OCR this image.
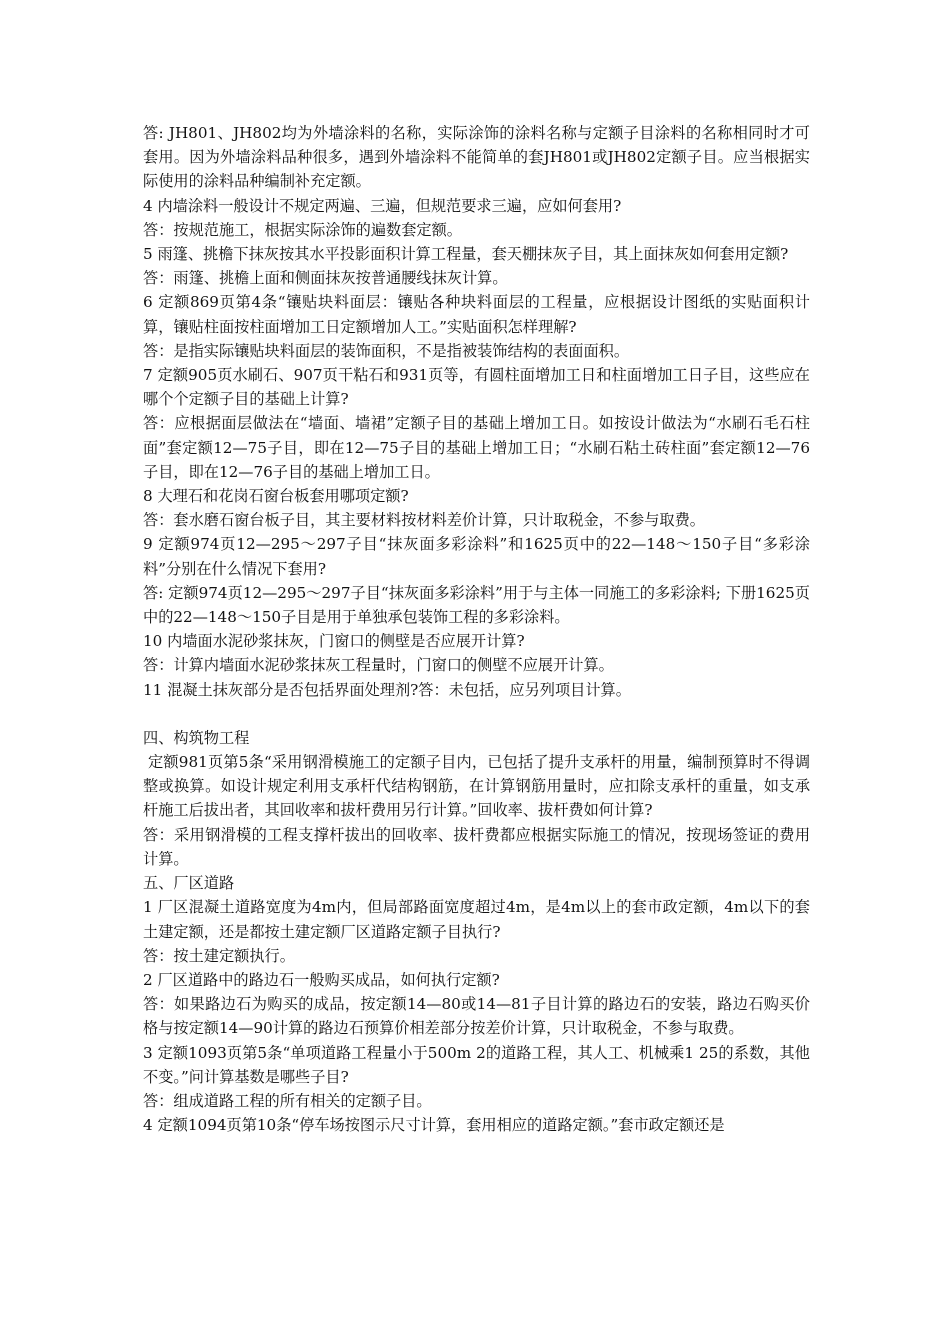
答: JH801、JH802均为外墙涂料的名称，实际涂饰的涂料名称与定额子目涂料的名称相同时才可套用。因为外墙涂料品种很多，遇到外墙涂料不能简单的套JH801或JH802定额子目。应当根据实际使用的涂料品种编制补充定额。

4 内墙涂料一般设计不规定两遍、三遍，但规范要求三遍，应如何套用?

答：按规范施工，根据实际涂饰的遍数套定额。

5 雨篷、挑檐下抹灰按其水平投影面积计算工程量，套天棚抹灰子目，其上面抹灰如何套用定额?

答：雨篷、挑檐上面和侧面抹灰按普通腰线抹灰计算。

6 定额869页第4条“镶贴块料面层：镶贴各种块料面层的工程量，应根据设计图纸的实贴面积计算，镶贴柱面按柱面增加工日定额增加人工。”实贴面积怎样理解?

答：是指实际镶贴块料面层的装饰面积，不是指被装饰结构的表面面积。

7 定额905页水刷石、907页干粘石和931页等，有圆柱面增加工日和柱面增加工日子目，这些应在哪个个定额子目的基础上计算?

答：应根据面层做法在“墙面、墙裙”定额子目的基础上增加工日。如按设计做法为“水刷石毛石柱面”套定额12—75子目，即在12—75子目的基础上增加工日；“水刷石粘土砖柱面”套定额12—76子目，即在12—76子目的基础上增加工日。

8 大理石和花岗石窗台板套用哪项定额?

答：套水磨石窗台板子目，其主要材料按材料差价计算，只计取税金，不参与取费。

9 定额974页12—295～297子目“抹灰面多彩涂料”和1625页中的22—148～150子目“多彩涂料”分别在什么情况下套用?

答: 定额974页12—295～297子目“抹灰面多彩涂料”用于与主体一同施工的多彩涂料; 下册1625页中的22—148～150子目是用于单独承包装饰工程的多彩涂料。

10 内墙面水泥砂浆抹灰，门窗口的侧壁是否应展开计算?

答：计算内墙面水泥砂浆抹灰工程量时，门窗口的侧壁不应展开计算。

11 混凝土抹灰部分是否包括界面处理剂?答：未包括，应另列项目计算。

四、构筑物工程

定额981页第5条“采用钢滑模施工的定额子目内，已包括了提升支承杆的用量，编制预算时不得调整或换算。如设计规定利用支承杆代结构钢筋，在计算钢筋用量时，应扣除支承杆的重量，如支承杆施工后拔出者，其回收率和拔杆费用另行计算。”回收率、拔杆费如何计算?

答：采用钢滑模的工程支撑杆拔出的回收率、拔杆费都应根据实际施工的情况，按现场签证的费用计算。

五、厂区道路

1 厂区混凝土道路宽度为4m内，但局部路面宽度超过4m，是4m以上的套市政定额，4m以下的套土建定额，还是都按土建定额厂区道路定额子目执行?

答：按土建定额执行。

2 厂区道路中的路边石一般购买成品，如何执行定额?

答：如果路边石为购买的成品，按定额14—80或14—81子目计算的路边石的安装，路边石购买价格与按定额14—90计算的路边石预算价相差部分按差价计算，只计取税金，不参与取费。

3 定额1093页第5条“单项道路工程量小于500m 2的道路工程，其人工、机械乘1 25的系数，其他不变。”问计算基数是哪些子目?

答：组成道路工程的所有相关的定额子目。

4 定额1094页第10条“停车场按图示尺寸计算，套用相应的道路定额。”套市政定额还是
